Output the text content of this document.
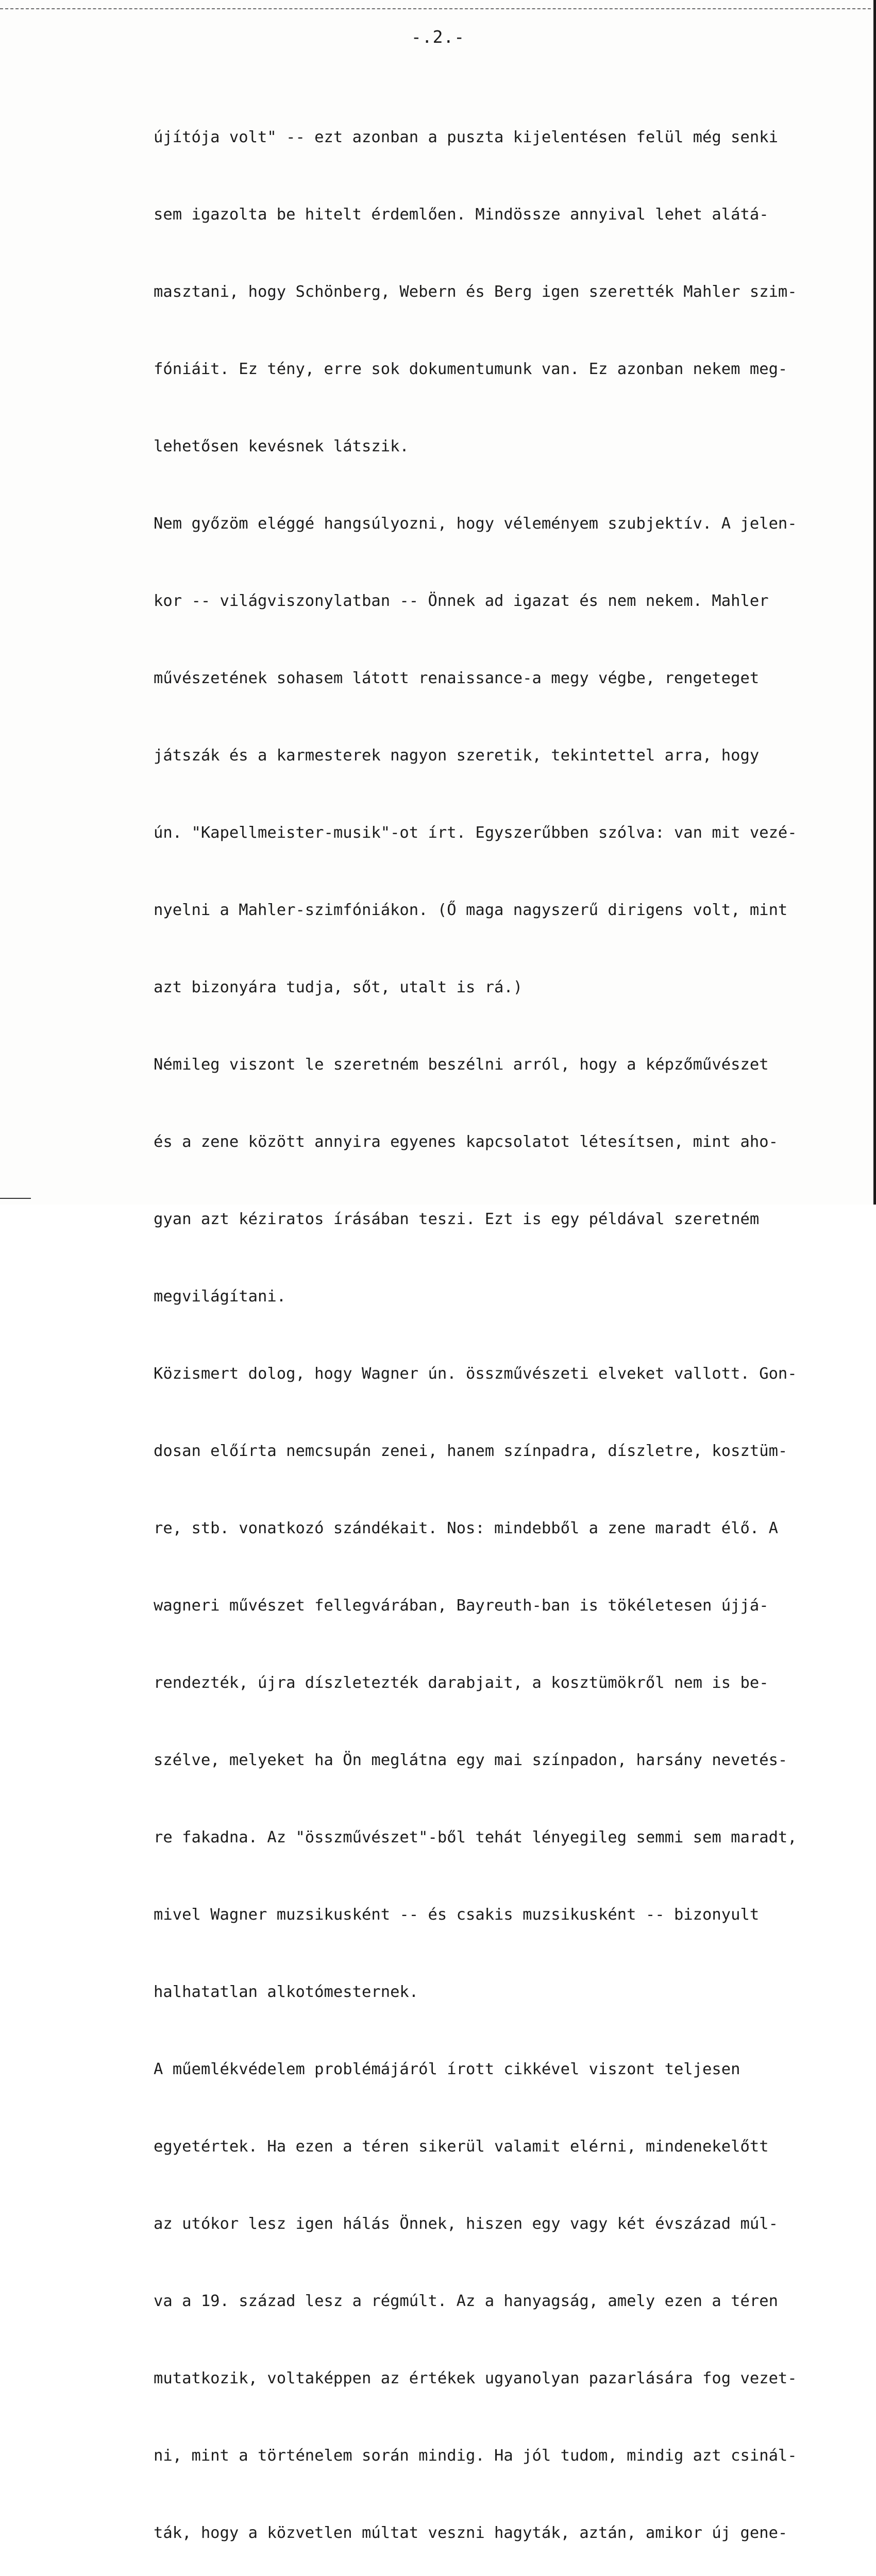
-.2.-

újítója volt" -- ezt azonban a puszta kijelentésen felül még senki

sem igazolta be hitelt érdemlően. Mindössze annyival lehet alátá-

masztani, hogy Schönberg, Webern és Berg igen szerették Mahler szim-

fóniáit. Ez tény, erre sok dokumentumunk van. Ez azonban nekem meg-

lehetősen kevésnek látszik.

Nem győzöm eléggé hangsúlyozni, hogy véleményem szubjektív. A jelen-

kor -- világviszonylatban -- Önnek ad igazat és nem nekem. Mahler

művészetének sohasem látott renaissance-a megy végbe, rengeteget

játszák és a karmesterek nagyon szeretik, tekintettel arra, hogy

ún. "Kapellmeister-musik"-ot írt. Egyszerűbben szólva: van mit vezé-

nyelni a Mahler-szimfóniákon. (Ő maga nagyszerű dirigens volt, mint

azt bizonyára tudja, sőt, utalt is rá.)

Némileg viszont le szeretném beszélni arról, hogy a képzőművészet

és a zene között annyira egyenes kapcsolatot létesítsen, mint aho-

gyan azt kéziratos írásában teszi. Ezt is egy példával szeretném

megvilágítani.

Közismert dolog, hogy Wagner ún. összművészeti elveket vallott. Gon-

dosan előírta nemcsupán zenei, hanem színpadra, díszletre, kosztüm-

re, stb. vonatkozó szándékait. Nos: mindebből a zene maradt élő. A

wagneri művészet fellegvárában, Bayreuth-ban is tökéletesen újjá-

rendezték, újra díszletezték darabjait, a kosztümökről nem is be-

szélve, melyeket ha Ön meglátna egy mai színpadon, harsány nevetés-

re fakadna. Az "összművészet"-ből tehát lényegileg semmi sem maradt,

mivel Wagner muzsikusként -- és csakis muzsikusként -- bizonyult

halhatatlan alkotómesternek.

A műemlékvédelem problémájáról írott cikkével viszont teljesen

egyetértek. Ha ezen a téren sikerül valamit elérni, mindenekelőtt

az utókor lesz igen hálás Önnek, hiszen egy vagy két évszázad múl-

va a 19. század lesz a régmúlt. Az a hanyagság, amely ezen a téren

mutatkozik, voltaképpen az értékek ugyanolyan pazarlására fog vezet-

ni, mint a történelem során mindig. Ha jól tudom, mindig azt csinál-

ták, hogy a közvetlen múltat veszni hagyták, aztán, amikor új gene-
